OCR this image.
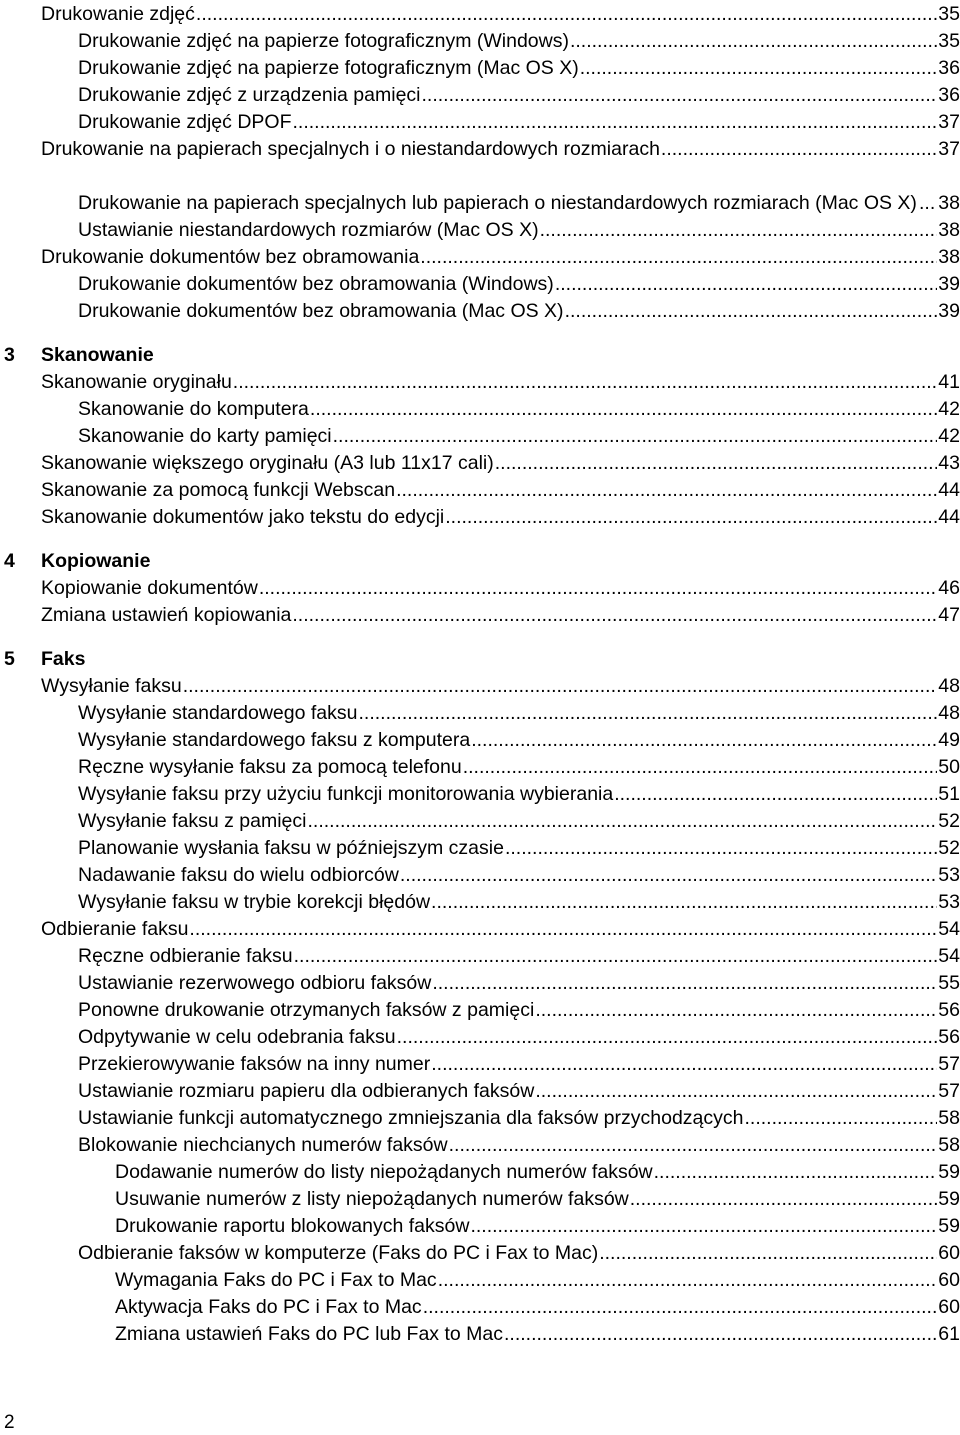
Drukowanie zdjęć .....	35
Drukowanie zdjęć na papierze fotograficznym (Windows) .....	35
Drukowanie zdjęć na papierze fotograficznym (Mac OS X) .....	36
Drukowanie zdjęć z urządzenia pamięci .....	36
Drukowanie zdjęć DPOF .....	37
Drukowanie na papierach specjalnych i o niestandardowych rozmiarach .....	37
Drukowanie na papierach specjalnych lub papierach o niestandardowych rozmiarach (Mac OS X) ..... 38
Ustawianie niestandardowych rozmiarów (Mac OS X) .....	38
Drukowanie dokumentów bez obramowania .....	38
Drukowanie dokumentów bez obramowania (Windows) .....	39
Drukowanie dokumentów bez obramowania (Mac OS X) .....	39
3	Skanowanie
Skanowanie oryginału .....	41
Skanowanie do komputera .....	42
Skanowanie do karty pamięci .....	42
Skanowanie większego oryginału (A3 lub 11x17 cali) .....	43
Skanowanie za pomocą funkcji Webscan .....	44
Skanowanie dokumentów jako tekstu do edycji .....	44
4	Kopiowanie
Kopiowanie dokumentów .....	46
Zmiana ustawień kopiowania .....	47
5	Faks
Wysyłanie faksu .....	48
Wysyłanie standardowego faksu .....	48
Wysyłanie standardowego faksu z komputera .....	49
Ręczne wysyłanie faksu za pomocą telefonu .....	50
Wysyłanie faksu przy użyciu funkcji monitorowania wybierania .....	51
Wysyłanie faksu z pamięci .....	52
Planowanie wysłania faksu w późniejszym czasie .....	52
Nadawanie faksu do wielu odbiorców .....	53
Wysyłanie faksu w trybie korekcji błędów .....	53
Odbieranie faksu .....	54
Ręczne odbieranie faksu .....	54
Ustawianie rezerwowego odbioru faksów .....	55
Ponowne drukowanie otrzymanych faksów z pamięci .....	56
Odpytywanie w celu odebrania faksu .....	56
Przekierowywanie faksów na inny numer .....	57
Ustawianie rozmiaru papieru dla odbieranych faksów .....	57
Ustawianie funkcji automatycznego zmniejszania dla faksów przychodzących .....	58
Blokowanie niechcianych numerów faksów .....	58
Dodawanie numerów do listy niepożądanych numerów faksów .....	59
Usuwanie numerów z listy niepożądanych numerów faksów .....	59
Drukowanie raportu blokowanych faksów .....	59
Odbieranie faksów w komputerze (Faks do PC i Fax to Mac) .....	60
Wymagania Faks do PC i Fax to Mac .....	60
Aktywacja Faks do PC i Fax to Mac .....	60
Zmiana ustawień Faks do PC lub Fax to Mac .....	61
2
